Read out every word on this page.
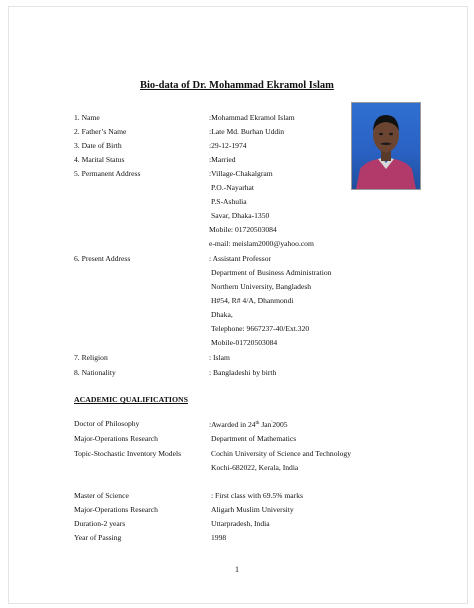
Bio-data of Dr. Mohammad Ekramol Islam
1. Name	:Mohammad Ekramol Islam
2. Father’s Name	:Late Md. Burhan Uddin
3. Date of Birth	:29-12-1974
4. Marital Status	:Married
5. Permanent Address	:Village-Chakalgram
P.O.-Nayarhat
P.S-Ashulia
Savar, Dhaka-1350
Mobile: 01720503084
e-mail: meislam2000@yahoo.com
6. Present Address	: Assistant Professor
Department of Business Administration
Northern University, Bangladesh
H#54, R# 4/A, Dhanmondi
Dhaka,
Telephone: 9667237-40/Ext.320
Mobile-01720503084
7. Religion	: Islam
8. Nationality	: Bangladeshi by birth
ACADEMIC QUALIFICATIONS
Doctor of Philosophy	:Awarded in 24th Jan'2005
Major-Operations Research	Department of Mathematics
Topic-Stochastic Inventory Models	Cochin University of Science and Technology
Kochi-682022, Kerala, India
Master of Science	: First class with 69.5% marks
Major-Operations Research	Aligarh Muslim University
Duration-2 years	Uttarpradesh, India
Year of Passing	1998
1
